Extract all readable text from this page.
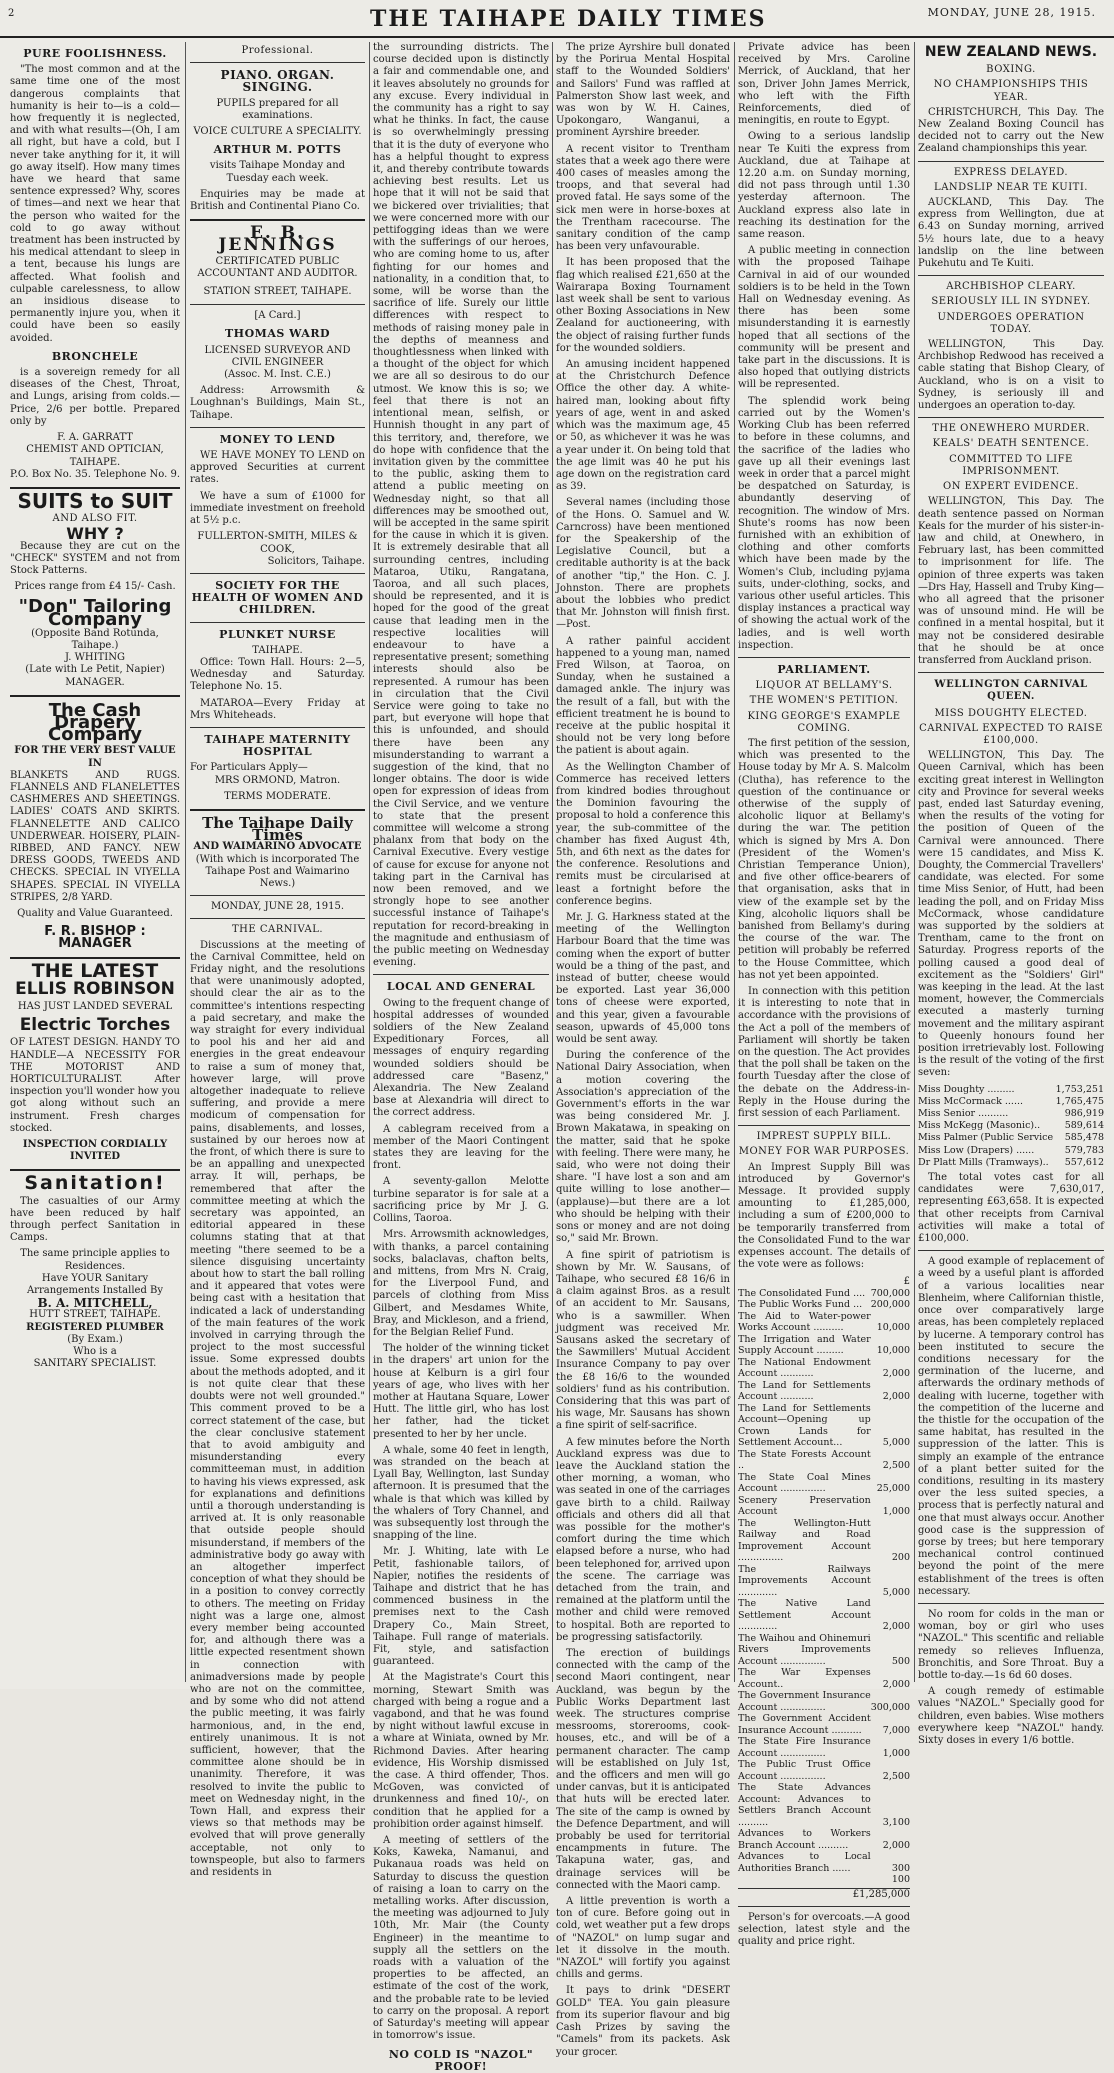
2	THE TAIHAPE DAILY TIMES	MONDAY, JUNE 28, 1915.
PURE FOOLISHNESS.

"The most common and at the same time one of the most dangerous complaints that humanity is heir to—is a cold—how frequently it is neglected, and with what results—(Oh, I am all right, but have a cold, but I never take anything for it, it will go away itself). How many times have we heard that same sentence expressed? Why, scores of times—and next we hear that the person who waited for the cold to go away without treatment has been instructed by his medical attendant to sleep in a tent, because his lungs are affected. What foolish and culpable carelessness, to allow an insidious disease to permanently injure you, when it could have been so easily avoided.

BRONCHELE

is a sovereign remedy for all diseases of the Chest, Throat, and Lungs, arising from colds.—Price, 2/6 per bottle. Prepared only by

F. A. GARRATT
CHEMIST AND OPTICIAN, TAIHAPE.
P.O. Box No. 35. Telephone No. 9.
SUITS to SUIT
AND ALSO FIT.
WHY ?

Because they are cut on the "CHECK" SYSTEM and not from Stock Patterns.

Prices range from £4 15/- Cash.
"Don" Tailoring Company
(Opposite Band Rotunda, Taihape.)
J. WHITING
(Late with Le Petit, Napier) MANAGER.
The Cash Drapery Company
FOR THE VERY BEST VALUE IN

BLANKETS AND RUGS. FLANNELS AND FLANELETTES CASHMERES AND SHEETINGS. LADIES' COATS AND SKIRTS. FLANNELETTE AND CALICO UNDERWEAR. HOISERY, PLAIN-RIBBED, AND FANCY. NEW DRESS GOODS, TWEEDS AND CHECKS. SPECIAL IN VIYELLA SHAPES. SPECIAL IN VIYELLA STRIPES, 2/8 YARD.

Quality and Value Guaranteed.
F. R. BISHOP : MANAGER
THE LATEST
ELLIS ROBINSON
HAS JUST LANDED SEVERAL
Electric Torches

OF LATEST DESIGN. HANDY TO HANDLE—A NECESSITY FOR THE MOTORIST AND HORTICULTURALIST. After inspection you'll wonder how you got along without such an instrument. Fresh charges stocked.

INSPECTION CORDIALLY INVITED
Sanitation!

The casualties of our Army have been reduced by half through perfect Sanitation in Camps.

The same principle applies to Residences.
Have YOUR Sanitary Arrangements Installed By
B. A. MITCHELL,
HUTT STREET, TAIHAPE.
REGISTERED PLUMBER
(By Exam.)
Who is a
SANITARY SPECIALIST.
Professional.
PIANO. ORGAN. SINGING.
PUPILS prepared for all examinations.
VOICE CULTURE A SPECIALITY.
ARTHUR M. POTTS
visits Taihape Monday and Tuesday each week.

Enquiries may be made at British and Continental Piano Co.

E. B. JENNINGS
CERTIFICATED PUBLIC ACCOUNTANT AND AUDITOR.
STATION STREET, TAIHAPE.
[A Card.]
THOMAS WARD
LICENSED SURVEYOR AND CIVIL ENGINEER
(Assoc. M. Inst. C.E.)

Address: Arrowsmith & Loughnan's Buildings, Main St., Taihape.

MONEY TO LEND

WE HAVE MONEY TO LEND on approved Securities at current rates.

We have a sum of £1000 for immediate investment on freehold at 5½ p.c.

FULLERTON-SMITH, MILES & COOK,
Solicitors, Taihape.
SOCIETY FOR THE HEALTH OF WOMEN AND CHILDREN.
PLUNKET NURSE
TAIHAPE.

Office: Town Hall. Hours: 2—5, Wednesday and Saturday. Telephone No. 15.

MATAROA—Every Friday at Mrs Whiteheads.

TAIHAPE MATERNITY HOSPITAL
For Particulars Apply—
MRS ORMOND, Matron.
TERMS MODERATE.
The Taihape Daily Times
AND WAIMARINO ADVOCATE
(With which is incorporated The Taihape Post and Waimarino News.)
MONDAY, JUNE 28, 1915.
THE CARNIVAL.

Discussions at the meeting of the Carnival Committee, held on Friday night, and the resolutions that were unanimously adopted, should clear the air as to the committee's intentions respecting a paid secretary, and make the way straight for every individual to pool his and her aid and energies in the great endeavour to raise a sum of money that, however large, will prove altogether inadequate to relieve suffering, and provide a mere modicum of compensation for pains, disablements, and losses, sustained by our heroes now at the front, of which there is sure to be an appalling and unexpected array. It will, perhaps, be remembered that after the committee meeting at which the secretary was appointed, an editorial appeared in these columns stating that at that meeting "there seemed to be a silence disguising uncertainty about how to start the ball rolling and it appeared that votes were being cast with a hesitation that indicated a lack of understanding of the main features of the work involved in carrying through the project to the most successful issue. Some expressed doubts about the methods adopted, and it is not quite clear that these doubts were not well grounded." This comment proved to be a correct statement of the case, but the clear conclusive statement that to avoid ambiguity and misunderstanding every committeeman must, in addition to having his views expressed, ask for explanations and definitions until a thorough understanding is arrived at. It is only reasonable that outside people should misunderstand, if members of the administrative body go away with an altogether imperfect conception of what they should be in a position to convey correctly to others. The meeting on Friday night was a large one, almost every member being accounted for, and although there was a little expected resentment shown in connection with animadversions made by people who are not on the committee, and by some who did not attend the public meeting, it was fairly harmonious, and, in the end, entirely unanimous. It is not sufficient, however, that the committee alone should be in unanimity. Therefore, it was resolved to invite the public to meet on Wednesday night, in the Town Hall, and express their views so that methods may be evolved that will prove generally acceptable, not only to townspeople, but also to farmers and residents in

the surrounding districts. The course decided upon is distinctly a fair and commendable one, and it leaves absolutely no grounds for any excuse. Every individual in the community has a right to say what he thinks. In fact, the cause is so overwhelmingly pressing that it is the duty of everyone who has a helpful thought to express it, and thereby contribute towards achieving best results. Let us hope that it will not be said that we bickered over trivialities; that we were concerned more with our pettifogging ideas than we were with the sufferings of our heroes, who are coming home to us, after fighting for our homes and nationality, in a condition that, to some, will be worse than the sacrifice of life. Surely our little differences with respect to methods of raising money pale in the depths of meanness and thoughtlessness when linked with a thought of the object for which we are all so desirous to do our utmost. We know this is so; we feel that there is not an intentional mean, selfish, or Hunnish thought in any part of this territory, and, therefore, we do hope with confidence that the invitation given by the committee to the public, asking them to attend a public meeting on Wednesday night, so that all differences may be smoothed out, will be accepted in the same spirit for the cause in which it is given. It is extremely desirable that all surrounding centres, including Mataroa, Utiku, Rangatana, Taoroa, and all such places, should be represented, and it is hoped for the good of the great cause that leading men in the respective localities will endeavour to have a representative present; something interests should also be represented. A rumour has been in circulation that the Civil Service were going to take no part, but everyone will hope that this is unfounded, and should there have been any misunderstanding to warrant a suggestion of the kind, that no longer obtains. The door is wide open for expression of ideas from the Civil Service, and we venture to state that the present committee will welcome a strong phalanx from that body on the Carnival Executive. Every vestige of cause for excuse for anyone not taking part in the Carnival has now been removed, and we strongly hope to see another successful instance of Taihape's reputation for record-breaking in the magnitude and enthusiasm of the public meeting on Wednesday evening.

LOCAL AND GENERAL

Owing to the frequent change of hospital addresses of wounded soldiers of the New Zealand Expeditionary Forces, all messages of enquiry regarding wounded soldiers should be addressed care "Basenz," Alexandria. The New Zealand base at Alexandria will direct to the correct address.

A cablegram received from a member of the Maori Contingent states they are leaving for the front.

A seventy-gallon Melotte turbine separator is for sale at a sacrificing price by Mr J. G. Collins, Taoroa.

Mrs. Arrowsmith acknowledges, with thanks, a parcel containing socks, balaclavas, chafton belts, and mittens, from Mrs N. Craig, for the Liverpool Fund, and parcels of clothing from Miss Gilbert, and Mesdames White, Bray, and Mickleson, and a friend, for the Belgian Relief Fund.

The holder of the winning ticket in the drapers' art union for the house at Kelburn is a girl four years of age, who lives with her mother at Hautana Square, Lower Hutt. The little girl, who has lost her father, had the ticket presented to her by her uncle.

A whale, some 40 feet in length, was stranded on the beach at Lyall Bay, Wellington, last Sunday afternoon. It is presumed that the whale is that which was killed by the whalers of Tory Channel, and was subsequently lost through the snapping of the line.

Mr. J. Whiting, late with Le Petit, fashionable tailors, of Napier, notifies the residents of Taihape and district that he has commenced business in the premises next to the Cash Drapery Co., Main Street, Taihape. Full range of materials. Fit, style, and satisfaction guaranteed.

At the Magistrate's Court this morning, Stewart Smith was charged with being a rogue and a vagabond, and that he was found by night without lawful excuse in a whare at Winiata, owned by Mr. Richmond Davies. After hearing evidence, His Worship dismissed the case. A third offender, Thos. McGoven, was convicted of drunkenness and fined 10/-, on condition that he applied for a prohibition order against himself.

A meeting of settlers of the Koks, Kaweka, Namanui, and Pukanaua roads was held on Saturday to discuss the question of raising a loan to carry on the metalling works. After discussion, the meeting was adjourned to July 10th, Mr. Mair (the County Engineer) in the meantime to supply all the settlers on the roads with a valuation of the properties to be affected, an estimate of the cost of the work, and the probable rate to be levied to carry on the proposal. A report of Saturday's meeting will appear in tomorrow's issue.

NO COLD IS "NAZOL" PROOF!

The prize Ayrshire bull donated by the Porirua Mental Hospital staff to the Wounded Soldiers' and Sailors' Fund was raffled at Palmerston Show last week, and was won by W. H. Caines, Upokongaro, Wanganui, a prominent Ayrshire breeder.

A recent visitor to Trentham states that a week ago there were 400 cases of measles among the troops, and that several had proved fatal. He says some of the sick men were in horse-boxes at the Trentham racecourse. The sanitary condition of the camp has been very unfavourable.

It has been proposed that the flag which realised £21,650 at the Wairarapa Boxing Tournament last week shall be sent to various other Boxing Associations in New Zealand for auctioneering, with the object of raising further funds for the wounded soldiers.

An amusing incident happened at the Christchurch Defence Office the other day. A white-haired man, looking about fifty years of age, went in and asked which was the maximum age, 45 or 50, as whichever it was he was a year under it. On being told that the age limit was 40 he put his age down on the registration card as 39.

Several names (including those of the Hons. O. Samuel and W. Carncross) have been mentioned for the Speakership of the Legislative Council, but a creditable authority is at the back of another "tip," the Hon. C. J. Johnston. There are prophets about the lobbies who predict that Mr. Johnston will finish first.—Post.

A rather painful accident happened to a young man, named Fred Wilson, at Taoroa, on Sunday, when he sustained a damaged ankle. The injury was the result of a fall, but with the efficient treatment he is bound to receive at the public hospital it should not be very long before the patient is about again.

As the Wellington Chamber of Commerce has received letters from kindred bodies throughout the Dominion favouring the proposal to hold a conference this year, the sub-committee of the chamber has fixed August 4th, 5th, and 6th next as the dates for the conference. Resolutions and remits must be circularised at least a fortnight before the conference begins.

Mr. J. G. Harkness stated at the meeting of the Wellington Harbour Board that the time was coming when the export of butter would be a thing of the past, and instead of butter, cheese would be exported. Last year 36,000 tons of cheese were exported, and this year, given a favourable season, upwards of 45,000 tons would be sent away.

During the conference of the National Dairy Association, when a motion covering the Association's appreciation of the Government's efforts in the war was being considered Mr. J. Brown Makatawa, in speaking on the matter, said that he spoke with feeling. There were many, he said, who were not doing their share. "I have lost a son and am quite willing to lose another—(applause)—but there are a lot who should be helping with their sons or money and are not doing so," said Mr. Brown.

A fine spirit of patriotism is shown by Mr. W. Sausans, of Taihape, who secured £8 16/6 in a claim against Bros. as a result of an accident to Mr. Sausans, who is a sawmiller. When judgment was received Mr. Sausans asked the secretary of the Sawmillers' Mutual Accident Insurance Company to pay over the £8 16/6 to the wounded soldiers' fund as his contribution. Considering that this was part of his wage, Mr. Sausans has shown a fine spirit of self-sacrifice.

A few minutes before the North Auckland express was due to leave the Auckland station the other morning, a woman, who was seated in one of the carriages gave birth to a child. Railway officials and others did all that was possible for the mother's comfort during the time which elapsed before a nurse, who had been telephoned for, arrived upon the scene. The carriage was detached from the train, and remained at the platform until the mother and child were removed to hospital. Both are reported to be progressing satisfactorily.

The erection of buildings connected with the camp of the second Maori contingent, near Auckland, was begun by the Public Works Department last week. The structures comprise messrooms, storerooms, cook-houses, etc., and will be of a permanent character. The camp will be established on July 1st, and the officers and men will go under canvas, but it is anticipated that huts will be erected later. The site of the camp is owned by the Defence Department, and will probably be used for territorial encampments in future. The Takapuna water, gas, and drainage services will be connected with the Maori camp.

A little prevention is worth a ton of cure. Before going out in cold, wet weather put a few drops of "NAZOL" on lump sugar and let it dissolve in the mouth. "NAZOL" will fortify you against chills and germs.

It pays to drink "DESERT GOLD" TEA. You gain pleasure from its superior flavour and big Cash Prizes by saving the "Camels" from its packets. Ask your grocer.

Private advice has been received by Mrs. Caroline Merrick, of Auckland, that her son, Driver John James Merrick, who left with the Fifth Reinforcements, died of meningitis, en route to Egypt.

Owing to a serious landslip near Te Kuiti the express from Auckland, due at Taihape at 12.20 a.m. on Sunday morning, did not pass through until 1.30 yesterday afternoon. The Auckland express also late in reaching its destination for the same reason.

A public meeting in connection with the proposed Taihape Carnival in aid of our wounded soldiers is to be held in the Town Hall on Wednesday evening. As there has been some misunderstanding it is earnestly hoped that all sections of the community will be present and take part in the discussions. It is also hoped that outlying districts will be represented.

The splendid work being carried out by the Women's Working Club has been referred to before in these columns, and the sacrifice of the ladies who gave up all their evenings last week in order that a parcel might be despatched on Saturday, is abundantly deserving of recognition. The window of Mrs. Shute's rooms has now been furnished with an exhibition of clothing and other comforts which have been made by the Women's Club, including pyjama suits, under-clothing, socks, and various other useful articles. This display instances a practical way of showing the actual work of the ladies, and is well worth inspection.

PARLIAMENT.
LIQUOR AT BELLAMY'S.
THE WOMEN'S PETITION.
KING GEORGE'S EXAMPLE COMING.

The first petition of the session, which was presented to the House today by Mr A. S. Malcolm (Clutha), has reference to the question of the continuance or otherwise of the supply of alcoholic liquor at Bellamy's during the war. The petition which is signed by Mrs A. Don (President of the Women's Christian Temperance Union), and five other office-bearers of that organisation, asks that in view of the example set by the King, alcoholic liquors shall be banished from Bellamy's during the course of the war. The petition will probably be referred to the House Committee, which has not yet been appointed.

In connection with this petition it is interesting to note that in accordance with the provisions of the Act a poll of the members of Parliament will shortly be taken on the question. The Act provides that the poll shall be taken on the fourth Tuesday after the close of the debate on the Address-in-Reply in the House during the first session of each Parliament.

IMPREST SUPPLY BILL.
MONEY FOR WAR PURPOSES.

An Imprest Supply Bill was introduced by Governor's Message. It provided supply amounting to £1,285,000, including a sum of £200,000 to be temporarily transferred from the Consolidated Fund to the war expenses account. The details of the vote were as follows:

£
The Consolidated Fund ....	700,000
The Public Works Fund ...	200,000
The Aid to Water-power Works Account ..........	10,000
The Irrigation and Water Supply Account .........	10,000
The National Endowment Account ...........	2,000
The Land for Settlements Account ...........	2,000
The Land for Settlements Account—Opening up Crown Lands for Settlement Account...	5,000
The State Forests Account ..	2,500
The State Coal Mines Account ...............	25,000
Scenery Preservation Account	1,000
The Wellington-Hutt Railway and Road Improvement Account ...............	200
The Railways Improvements Account .............	5,000
The Native Land Settlement Account .............	2,000
The Waihou and Ohinemuri Rivers Improvements Account ...............	500
The War Expenses Account..	2,000
The Government Insurance Account ...............	300,000
The Government Accident Insurance Account ..........	7,000
The State Fire Insurance Account ...............	1,000
The Public Trust Office Account ...............	2,500
The State Advances Account: Advances to Settlers Branch Account ..........	3,100
Advances to Workers Branch Account ..........	2,000
Advances to Local Authorities Branch ......	300
	100
£1,285,000

Person's for overcoats.—A good selection, latest style and the quality and price right.

NEW ZEALAND NEWS.
BOXING.
NO CHAMPIONSHIPS THIS YEAR.

CHRISTCHURCH, This Day. The New Zealand Boxing Council has decided not to carry out the New Zealand championships this year.

EXPRESS DELAYED.
LANDSLIP NEAR TE KUITI.

AUCKLAND, This Day. The express from Wellington, due at 6.43 on Sunday morning, arrived 5½ hours late, due to a heavy landslip on the line between Pukehutu and Te Kuiti.

ARCHBISHOP CLEARY.
SERIOUSLY ILL IN SYDNEY.
UNDERGOES OPERATION TODAY.

WELLINGTON, This Day. Archbishop Redwood has received a cable stating that Bishop Cleary, of Auckland, who is on a visit to Sydney, is seriously ill and undergoes an operation to-day.

THE ONEWHERO MURDER.
KEALS' DEATH SENTENCE.
COMMITTED TO LIFE IMPRISONMENT.
ON EXPERT EVIDENCE.

WELLINGTON, This Day. The death sentence passed on Norman Keals for the murder of his sister-in-law and child, at Onewhero, in February last, has been committed to imprisonment for life. The opinion of three experts was taken—Drs Hay, Hassell and Truby King—who all agreed that the prisoner was of unsound mind. He will be confined in a mental hospital, but it may not be considered desirable that he should be at once transferred from Auckland prison.

WELLINGTON CARNIVAL QUEEN.
MISS DOUGHTY ELECTED.
CARNIVAL EXPECTED TO RAISE £100,000.

WELLINGTON, This Day. The Queen Carnival, which has been exciting great interest in Wellington city and Province for several weeks past, ended last Saturday evening, when the results of the voting for the position of Queen of the Carnival were announced. There were 15 candidates, and Miss K. Doughty, the Commercial Travellers' candidate, was elected. For some time Miss Senior, of Hutt, had been leading the poll, and on Friday Miss McCormack, whose candidature was supported by the soldiers at Trentham, came to the front on Saturday. Progress reports of the polling caused a good deal of excitement as the "Soldiers' Girl" was keeping in the lead. At the last moment, however, the Commercials executed a masterly turning movement and the military aspirant to Queenly honours found her position irretrievably lost. Following is the result of the voting of the first seven:

Miss Doughty .........	1,753,251
Miss McCormack ......	1,765,475
Miss Senior ..........	986,919
Miss McKegg (Masonic)..	589,614
Miss Palmer (Public Service	585,478
Miss Low (Drapers) ......	579,783
Dr Platt Mills (Tramways)..	557,612

The total votes cast for all candidates were 7,630,017, representing £63,658. It is expected that other receipts from Carnival activities will make a total of £100,000.

A good example of replacement of a weed by a useful plant is afforded of a various localities near Blenheim, where Californian thistle, once over comparatively large areas, has been completely replaced by lucerne. A temporary control has been instituted to secure the conditions necessary for the germination of the lucerne, and afterwards the ordinary methods of dealing with lucerne, together with the competition of the lucerne and the thistle for the occupation of the same habitat, has resulted in the suppression of the latter. This is simply an example of the entrance of a plant better suited for the conditions, resulting in its mastery over the less suited species, a process that is perfectly natural and one that must always occur. Another good case is the suppression of gorse by trees; but here temporary mechanical control continued beyond the point of the mere establishment of the trees is often necessary.

No room for colds in the man or woman, boy or girl who uses "NAZOL." This scentific and reliable remedy so relieves Influenza, Bronchitis, and Sore Throat. Buy a bottle to-day.—1s 6d 60 doses.

A cough remedy of estimable values "NAZOL." Specially good for children, even babies. Wise mothers everywhere keep "NAZOL" handy. Sixty doses in every 1/6 bottle.
